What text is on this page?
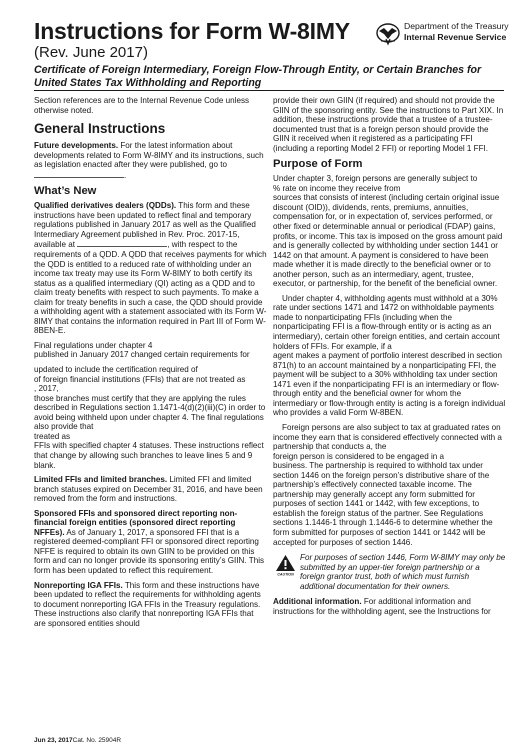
Instructions for Form W-8IMY
(Rev. June 2017)
Certificate of Foreign Intermediary, Foreign Flow-Through Entity, or Certain Branches for United States Tax Withholding and Reporting
Department of the Treasury
Internal Revenue Service

Section references are to the Internal Revenue Code unless otherwise noted.

General Instructions

Future developments. For the latest information about developments related to Form W-8IMY and its instructions, such as legislation enacted after they were published, go to .

What’s New

Qualified derivatives dealers (QDDs). This form and these instructions have been updated to reflect final and temporary regulations published in January 2017 as well as the Qualified Intermediary Agreement published in Rev. Proc. 2017-15, available at	, with respect to the requirements of a QDD. A QDD that receives payments for which the QDD is entitled to a reduced rate of withholding under an income tax treaty may use its Form W-8IMY to both certify its status as a qualified intermediary (QI) acting as a QDD and to claim treaty benefits with respect to such payments. To make a claim for treaty benefits in such a case, the QDD should provide a withholding agent with a statement associated with its Form W-8IMY that contains the information required in Part III of Form W-8BEN-E.

Final regulations under chapter 4
published in January 2017 changed certain requirements for

updated to include the certification required of
of foreign financial institutions (FFIs) that are not treated as
, 2017,
those branches must certify that they are applying the rules described in Regulations section 1.1471-4(d)(2)(iii)(C) in order to avoid being withheld upon under chapter 4. The final regulations also provide that
treated as
FFIs with specified chapter 4 statuses. These instructions reflect that change by allowing such branches to leave lines 5 and 9 blank.

Limited FFIs and limited branches. Limited FFI and limited branch statuses expired on December 31, 2016, and have been removed from the form and instructions.

Sponsored FFIs and sponsored direct reporting non-financial foreign entities (sponsored direct reporting NFFEs). As of January 1, 2017, a sponsored FFI that is a registered deemed-compliant FFI or sponsored direct reporting NFFE is required to obtain its own GIIN to be provided on this form and can no longer provide its sponsoring entity’s GIIN. This form has been updated to reflect this requirement.

Nonreporting IGA FFIs. This form and these instructions have been updated to reflect the requirements for withholding agents to document nonreporting IGA FFIs in the Treasury regulations. These instructions also clarify that nonreporting IGA FFIs that are sponsored entities should

provide their own GIIN (if required) and should not provide the GIIN of the sponsoring entity. See the instructions to Part XIX. In addition, these instructions provide that a trustee of a trustee-documented trust that is a foreign person should provide the GIIN it received when it registered as a participating FFI (including a reporting Model 2 FFI) or reporting Model 1 FFI.

Purpose of Form

Under chapter 3, foreign persons are generally subject to
% rate on income they receive from
sources that consists of interest (including certain original issue discount (OID)), dividends, rents, premiums, annuities, compensation for, or in expectation of, services performed, or other fixed or determinable annual or periodical (FDAP) gains, profits, or income. This tax is imposed on the gross amount paid and is generally collected by withholding under section 1441 or 1442 on that amount. A payment is considered to have been made whether it is made directly to the beneficial owner or to another person, such as an intermediary, agent, trustee, executor, or partnership, for the benefit of the beneficial owner.

Under chapter 4, withholding agents must withhold at a 30% rate under sections 1471 and 1472 on withholdable payments made to nonparticipating FFIs (including when the nonparticipating FFI is a flow-through entity or is acting as an intermediary), certain other foreign entities, and certain account holders of FFIs. For example, if a
agent makes a payment of portfolio interest described in section 871(h) to an account maintained by a nonparticipating FFI, the payment will be subject to a 30% withholding tax under section 1471 even if the nonparticipating FFI is an intermediary or flow-through entity and the beneficial owner for whom the intermediary or flow-through entity is acting is a foreign individual who provides a valid Form W-8BEN.

Foreign persons are also subject to tax at graduated rates on income they earn that is considered effectively connected with a
partnership that conducts a, the
foreign person is considered to be engaged in a
business. The partnership is required to withhold tax under section 1446 on the foreign person’s distributive share of the partnership’s effectively connected taxable income. The partnership may generally accept any form submitted for purposes of section 1441 or 1442, with few exceptions, to establish the foreign status of the partner. See Regulations sections 1.1446-1 through 1.1446-6 to determine whether the form submitted for purposes of section 1441 or 1442 will be accepted for purposes of section 1446.

CAUTION
For purposes of section 1446, Form W-8IMY may only be submitted by an upper-tier foreign partnership or a foreign grantor trust, both of which must furnish additional documentation for their owners.

Additional information. For additional information and instructions for the withholding agent, see the Instructions for

Jun 23, 2017Cat. No. 25904R
